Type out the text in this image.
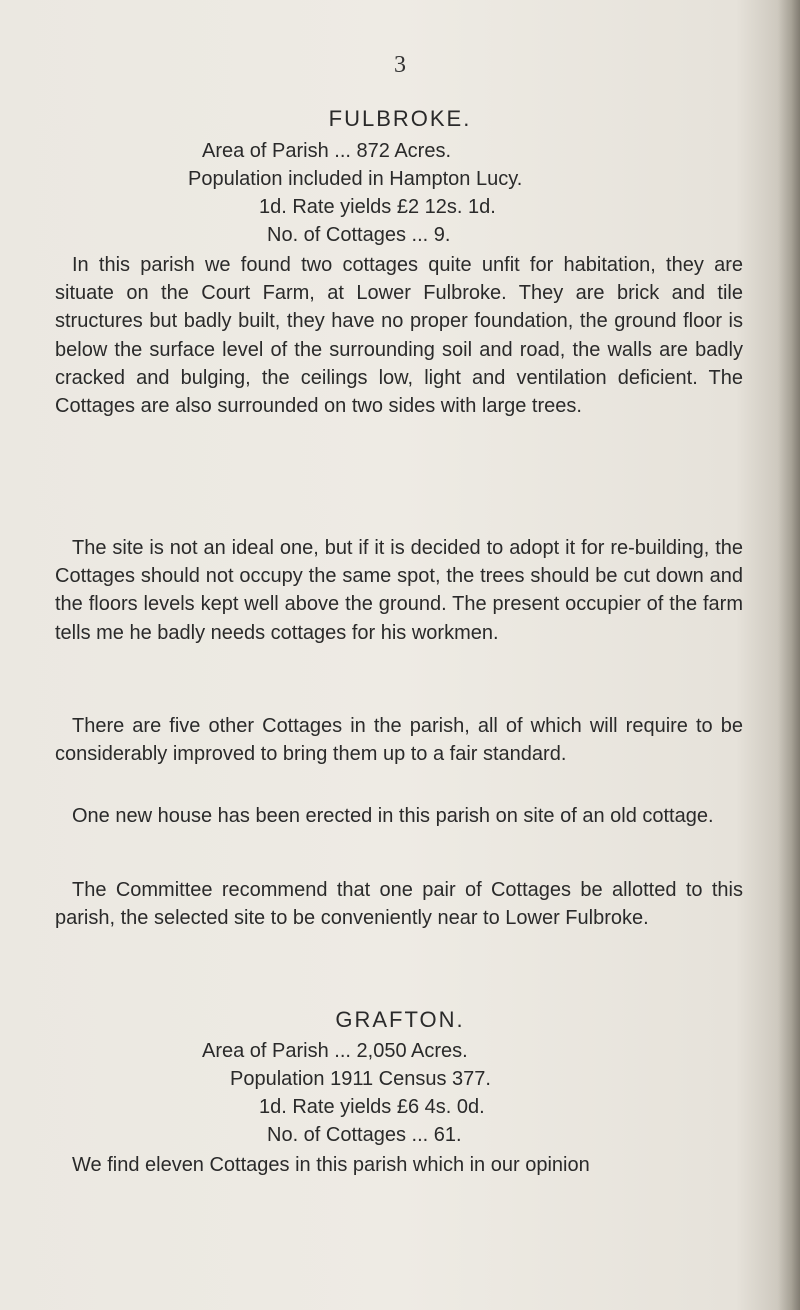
3
FULBROKE.
Area of Parish ... 872 Acres.
Population included in Hampton Lucy.
1d. Rate yields £2 12s. 1d.
No. of Cottages ... 9.

In this parish we found two cottages quite unfit for habitation, they are situate on the Court Farm, at Lower Fulbroke. They are brick and tile structures but badly built, they have no proper foundation, the ground floor is below the surface level of the surrounding soil and road, the walls are badly cracked and bulging, the ceilings low, light and ventilation deficient. The Cottages are also surrounded on two sides with large trees.

The site is not an ideal one, but if it is decided to adopt it for re-building, the Cottages should not occupy the same spot, the trees should be cut down and the floors levels kept well above the ground. The present occupier of the farm tells me he badly needs cottages for his workmen.

There are five other Cottages in the parish, all of which will require to be considerably improved to bring them up to a fair standard.

One new house has been erected in this parish on site of an old cottage.

The Committee recommend that one pair of Cottages be allotted to this parish, the selected site to be conveniently near to Lower Fulbroke.

GRAFTON.
Area of Parish ... 2,050 Acres.
Population 1911 Census 377.
1d. Rate yields £6 4s. 0d.
No. of Cottages ... 61.

We find eleven Cottages in this parish which in our opinion
